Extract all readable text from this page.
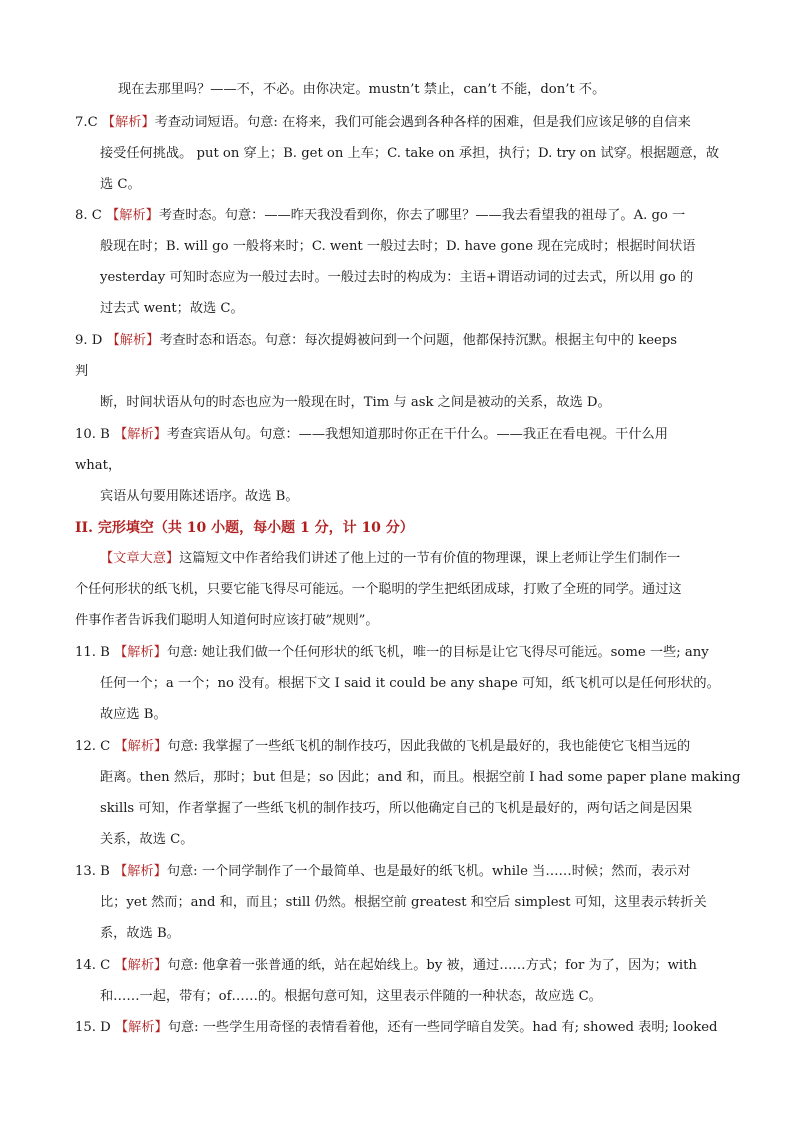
现在去那里吗？——不，不必。由你决定。mustn’t 禁止，can’t 不能，don’t 不。
7.C 【解析】考查动词短语。句意: 在将来，我们可能会遇到各种各样的困难，但是我们应该足够的自信来
接受任何挑战。 put on 穿上；B. get on 上车；C. take on 承担，执行；D. try on 试穿。根据题意，故
选 C。
8. C 【解析】考查时态。句意：——昨天我没看到你，你去了哪里？——我去看望我的祖母了。A. go 一
般现在时；B. will go 一般将来时；C. went 一般过去时；D. have gone 现在完成时；根据时间状语
yesterday 可知时态应为一般过去时。一般过去时的构成为：主语+谓语动词的过去式，所以用 go 的
过去式 went；故选 C。
9. D 【解析】考查时态和语态。句意：每次提姆被问到一个问题，他都保持沉默。根据主句中的 keeps
判
断，时间状语从句的时态也应为一般现在时，Tim 与 ask 之间是被动的关系，故选 D。
10. B 【解析】考查宾语从句。句意：——我想知道那时你正在干什么。——我正在看电视。干什么用
what，
宾语从句要用陈述语序。故选 B。
II. 完形填空（共 10 小题，每小题 1 分，计 10 分）
【文章大意】这篇短文中作者给我们讲述了他上过的一节有价值的物理课，课上老师让学生们制作一
个任何形状的纸飞机，只要它能飞得尽可能远。一个聪明的学生把纸团成球，打败了全班的同学。通过这
件事作者告诉我们聪明人知道何时应该打破”规则”。
11. B 【解析】句意: 她让我们做一个任何形状的纸飞机，唯一的目标是让它飞得尽可能远。some 一些; any
任何一个；a 一个；no 没有。根据下文 I said it could be any shape 可知，纸飞机可以是任何形状的。
故应选 B。
12. C 【解析】句意: 我掌握了一些纸飞机的制作技巧，因此我做的飞机是最好的，我也能使它飞相当远的
距离。then 然后，那时；but 但是；so 因此；and 和，而且。根据空前 I had some paper plane making
skills 可知，作者掌握了一些纸飞机的制作技巧，所以他确定自己的飞机是最好的，两句话之间是因果
关系，故选 C。
13. B 【解析】句意: 一个同学制作了一个最简单、也是最好的纸飞机。while 当……时候；然而，表示对
比；yet 然而；and 和，而且；still 仍然。根据空前 greatest 和空后 simplest 可知，这里表示转折关
系，故选 B。
14. C 【解析】句意: 他拿着一张普通的纸，站在起始线上。by 被，通过……方式；for 为了，因为；with
和……一起，带有；of……的。根据句意可知，这里表示伴随的一种状态，故应选 C。
15. D 【解析】句意: 一些学生用奇怪的表情看着他，还有一些同学暗自发笑。had 有; showed 表明; looked
